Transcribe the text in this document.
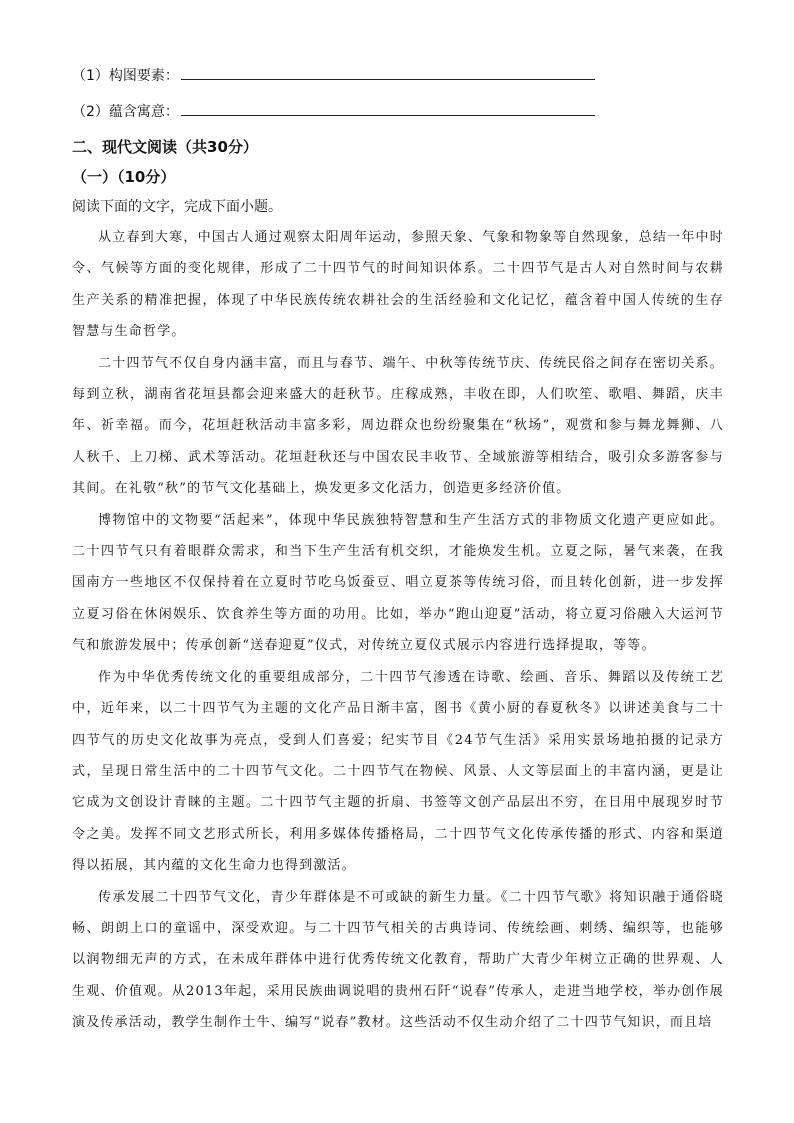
（1）构图要素：
（2）蕴含寓意：
二、现代文阅读（共30分）
（一）（10分）
阅读下面的文字，完成下面小题。

从立春到大寒，中国古人通过观察太阳周年运动，参照天象、气象和物象等自然现象，总结一年中时令、气候等方面的变化规律，形成了二十四节气的时间知识体系。二十四节气是古人对自然时间与农耕生产关系的精准把握，体现了中华民族传统农耕社会的生活经验和文化记忆，蕴含着中国人传统的生存智慧与生命哲学。

二十四节气不仅自身内涵丰富，而且与春节、端午、中秋等传统节庆、传统民俗之间存在密切关系。每到立秋，湖南省花垣县都会迎来盛大的赶秋节。庄稼成熟，丰收在即，人们吹笙、歌唱、舞蹈，庆丰年、祈幸福。而今，花垣赶秋活动丰富多彩，周边群众也纷纷聚集在“秋场”，观赏和参与舞龙舞狮、八人秋千、上刀梯、武术等活动。花垣赶秋还与中国农民丰收节、全域旅游等相结合，吸引众多游客参与其间。在礼敬“秋”的节气文化基础上，焕发更多文化活力，创造更多经济价值。

博物馆中的文物要“活起来”，体现中华民族独特智慧和生产生活方式的非物质文化遗产更应如此。二十四节气只有着眼群众需求，和当下生产生活有机交织，才能焕发生机。立夏之际，暑气来袭，在我国南方一些地区不仅保持着在立夏时节吃乌饭蚕豆、唱立夏茶等传统习俗，而且转化创新，进一步发挥立夏习俗在休闲娱乐、饮食养生等方面的功用。比如，举办“跑山迎夏”活动，将立夏习俗融入大运河节气和旅游发展中；传承创新“送春迎夏”仪式，对传统立夏仪式展示内容进行选择提取，等等。

作为中华优秀传统文化的重要组成部分，二十四节气渗透在诗歌、绘画、音乐、舞蹈以及传统工艺中，近年来，以二十四节气为主题的文化产品日渐丰富，图书《黄小厨的春夏秋冬》以讲述美食与二十四节气的历史文化故事为亮点，受到人们喜爱；纪实节目《24节气生活》采用实景场地拍摄的记录方式，呈现日常生活中的二十四节气文化。二十四节气在物候、风景、人文等层面上的丰富内涵，更是让它成为文创设计青睐的主题。二十四节气主题的折扇、书签等文创产品层出不穷，在日用中展现岁时节令之美。发挥不同文艺形式所长，利用多媒体传播格局，二十四节气文化传承传播的形式、内容和渠道得以拓展，其内蕴的文化生命力也得到激活。

传承发展二十四节气文化，青少年群体是不可或缺的新生力量。《二十四节气歌》将知识融于通俗晓畅、朗朗上口的童谣中，深受欢迎。与二十四节气相关的古典诗词、传统绘画、刺绣、编织等，也能够以润物细无声的方式，在未成年群体中进行优秀传统文化教育，帮助广大青少年树立正确的世界观、人生观、价值观。从2013年起，采用民族曲调说唱的贵州石阡“说春”传承人，走进当地学校，举办创作展演及传承活动，教学生制作土牛、编写“说春”教材。这些活动不仅生动介绍了二十四节气知识，而且培
